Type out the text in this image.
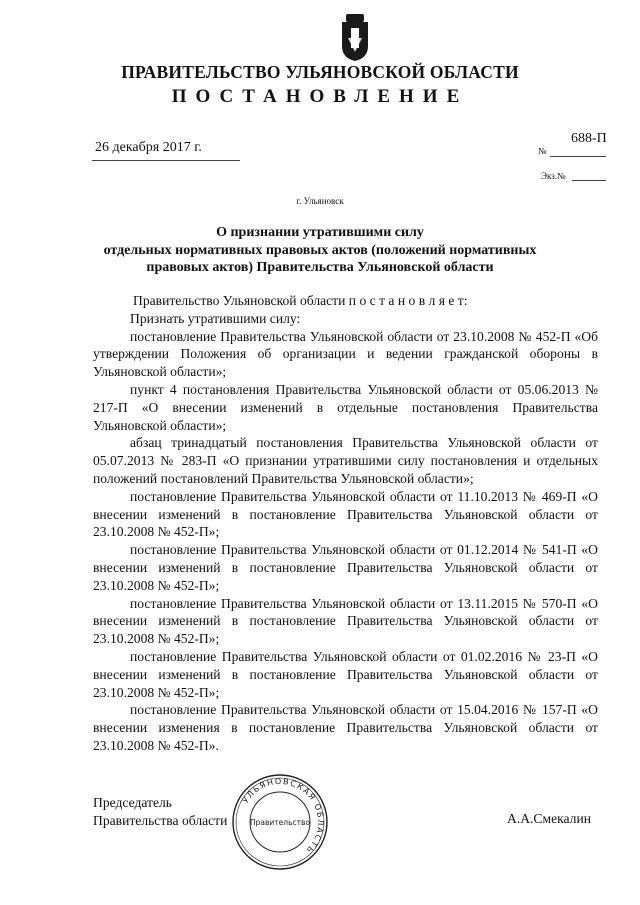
ПРАВИТЕЛЬСТВО УЛЬЯНОВСКОЙ ОБЛАСТИ
ПОСТАНОВЛЕНИЕ
26 декабря 2017 г.
688-П
№
Экз.№
г. Ульяновск
О признании утратившими силу
отдельных нормативных правовых актов (положений нормативных
правовых актов) Правительства Ульяновской области

Правительство Ульяновской области п о с т а н о в л я е т:

Признать утратившими силу:

постановление Правительства Ульяновской области от 23.10.2008 № 452-П «Об утверждении Положения об организации и ведении гражданской обороны в Ульяновской области»;

пункт 4 постановления Правительства Ульяновской области от 05.06.2013 № 217-П «О внесении изменений в отдельные постановления Правительства Ульяновской области»;

абзац тринадцатый постановления Правительства Ульяновской области от 05.07.2013 № 283-П «О признании утратившими силу постановления и отдельных положений постановлений Правительства Ульяновской области»;

постановление Правительства Ульяновской области от 11.10.2013 № 469-П «О внесении изменений в постановление Правительства Ульяновской области от 23.10.2008 № 452-П»;

постановление Правительства Ульяновской области от 01.12.2014 № 541-П «О внесении изменений в постановление Правительства Ульяновской области от 23.10.2008 № 452-П»;

постановление Правительства Ульяновской области от 13.11.2015 № 570-П «О внесении изменений в постановление Правительства Ульяновской области от 23.10.2008 № 452-П»;

постановление Правительства Ульяновской области от 01.02.2016 № 23-П «О внесении изменений в постановление Правительства Ульяновской области от 23.10.2008 № 452-П»;

постановление Правительства Ульяновской области от 15.04.2016 № 157-П «О внесении изменения в постановление Правительства Ульяновской области от 23.10.2008 № 452-П».

Председатель
Правительства области	А.А.Смекалин
УЛЬЯНОВСКАЯ ОБЛАСТЬ
Правительство
